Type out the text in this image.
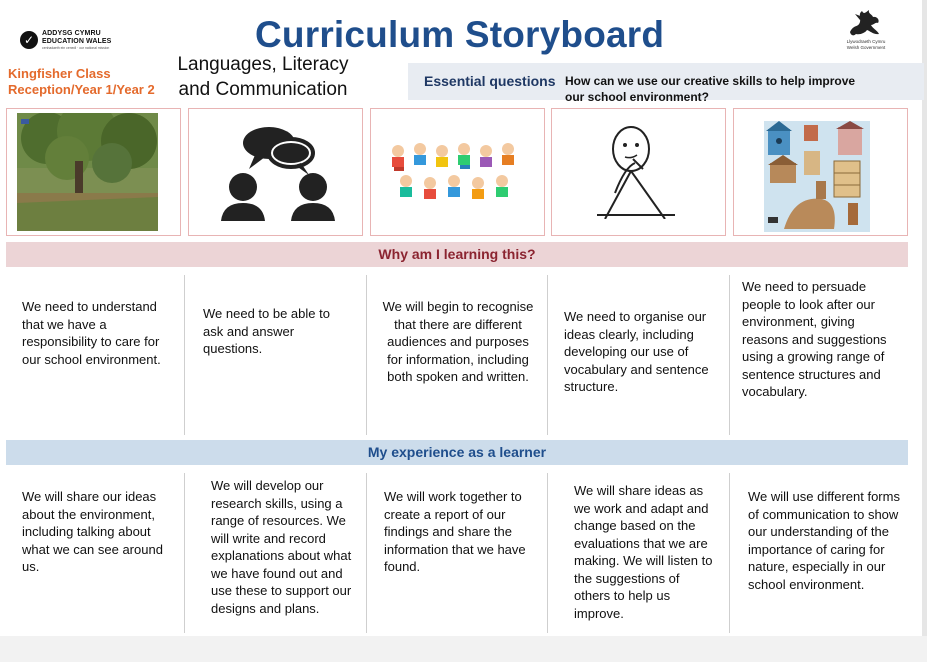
✓	ADDYSG CYMRU
EDUCATION WALES
cenhadaeth ein cenedl · our national mission	Curriculum Storyboard	Llywodraeth Cymru
Welsh Government
Kingfisher Class
Reception/Year 1/Year 2
Languages, Literacy
and Communication	Essential questions How can we use our creative skills to help improve our school environment?
Why am I learning this?
We need to understand that we have a responsibility to care for our school environment.
We need to be able to ask and answer questions.
We will begin to recognise that there are different audiences and purposes for information, including both spoken and written.
We need to organise our ideas clearly, including developing our use of vocabulary and sentence structure.
We need to persuade people to look after our environment, giving reasons and suggestions using a growing range of sentence structures and vocabulary.
My experience as a learner
We will share our ideas about the environment, including talking about what we can see around us.
We will develop our research skills, using a range of resources. We will write and record explanations about what we have found out and use these to support our designs and plans.
We will work together to create a report of our findings and share the information that we have found.
We will share ideas as we work and adapt and change based on the evaluations that we are making. We will listen to the suggestions of others to help us improve.
We will use different forms of communication to show our understanding of the importance of caring for nature, especially in our school environment.
